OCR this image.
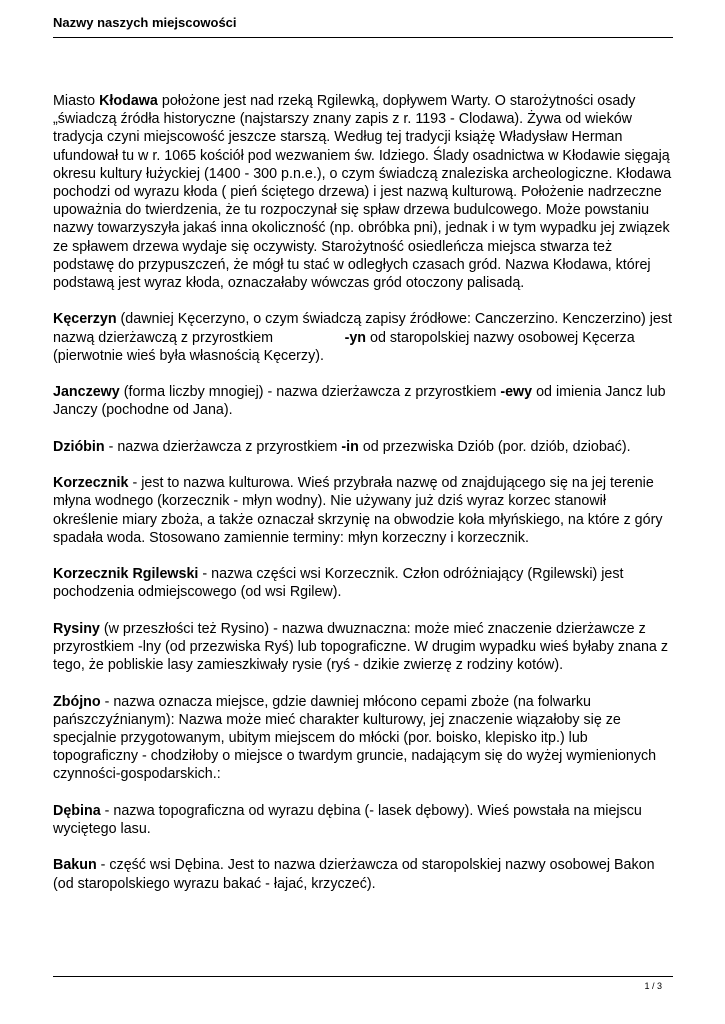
Nazwy naszych miejscowości

Miasto Kłodawa położone jest nad rzeką Rgilewką, dopływem Warty. O starożytności osady „świadczą źródła historyczne (najstarszy znany zapis z r. 1193 - Clodawa). Żywa od wieków tradycja czyni miejscowość jeszcze starszą. Według tej tradycji książę Władysław Herman ufundował tu w r. 1065 kościół pod wezwaniem św. Idziego. Ślady osadnictwa w Kłodawie sięgają okresu kultury łużyckiej (1400 - 300 p.n.e.), o czym świadczą znaleziska archeologiczne. Kłodawa pochodzi od wyrazu kłoda ( pień ściętego drzewa) i jest nazwą kulturową. Położenie nadrzeczne upoważnia do twierdzenia, że tu rozpoczynał się spław drzewa budulcowego. Może powstaniu nazwy towarzyszyła jakaś inna okoliczność (np. obróbka pni), jednak i w tym wypadku jej związek ze spławem drzewa wydaje się oczywisty. Starożytność osiedleńcza miejsca stwarza też podstawę do przypuszczeń, że mógł tu stać w odległych czasach gród. Nazwa Kłodawa, której podstawą jest wyraz kłoda, oznaczałaby wówczas gród otoczony palisadą.

Kęcerzyn (dawniej Kęcerzyno, o czym świadczą zapisy źródłowe: Canczerzino. Kenczerzino) jest nazwą dzierżawczą z przyrostkiem                  -yn od staropolskiej nazwy osobowej Kęcerza (pierwotnie wieś była własnością Kęcerzy).

Janczewy (forma liczby mnogiej) - nazwa dzierżawcza z przyrostkiem -ewy od imienia Jancz lub Janczy (pochodne od Jana).

Dzióbin - nazwa dzierżawcza z przyrostkiem -in od przezwiska Dziób (por. dziób, dziobać).

Korzecznik - jest to nazwa kulturowa. Wieś przybrała nazwę od znajdującego się na jej terenie młyna wodnego (korzecznik - młyn wodny). Nie używany już dziś wyraz korzec stanowił określenie miary zboża, a także oznaczał skrzynię na obwodzie koła młyńskiego, na które z góry spadała woda. Stosowano zamiennie terminy: młyn korzeczny i korzecznik.

Korzecznik Rgilewski - nazwa części wsi Korzecznik. Człon odróżniający (Rgilewski) jest pochodzenia odmiejscowego (od wsi Rgilew).

Rysiny (w przeszłości też Rysino) - nazwa dwuznaczna: może mieć znaczenie dzierżawcze z przyrostkiem -lny (od przezwiska Ryś) lub topograficzne. W drugim wypadku wieś byłaby znana z tego, że pobliskie lasy zamieszkiwały rysie (ryś - dzikie zwierzę z rodziny kotów).

Zbójno - nazwa oznacza miejsce, gdzie dawniej młócono cepami zboże (na folwarku pańszczyźnianym): Nazwa może mieć charakter kulturowy, jej znaczenie wiązałoby się ze specjalnie przygotowanym, ubitym miejscem do młócki (por. boisko, klepisko itp.) lub topograficzny - chodziłoby o miejsce o twardym gruncie, nadającym się do wyżej wymienionych czynności-gospodarskich.:

Dębina - nazwa topograficzna od wyrazu dębina (- lasek dębowy). Wieś powstała na miejscu wyciętego lasu.

Bakun - część wsi Dębina. Jest to nazwa dzierżawcza od staropolskiej nazwy osobowej Bakon (od staropolskiego wyrazu bakać - łajać, krzyczeć).

1 / 3
